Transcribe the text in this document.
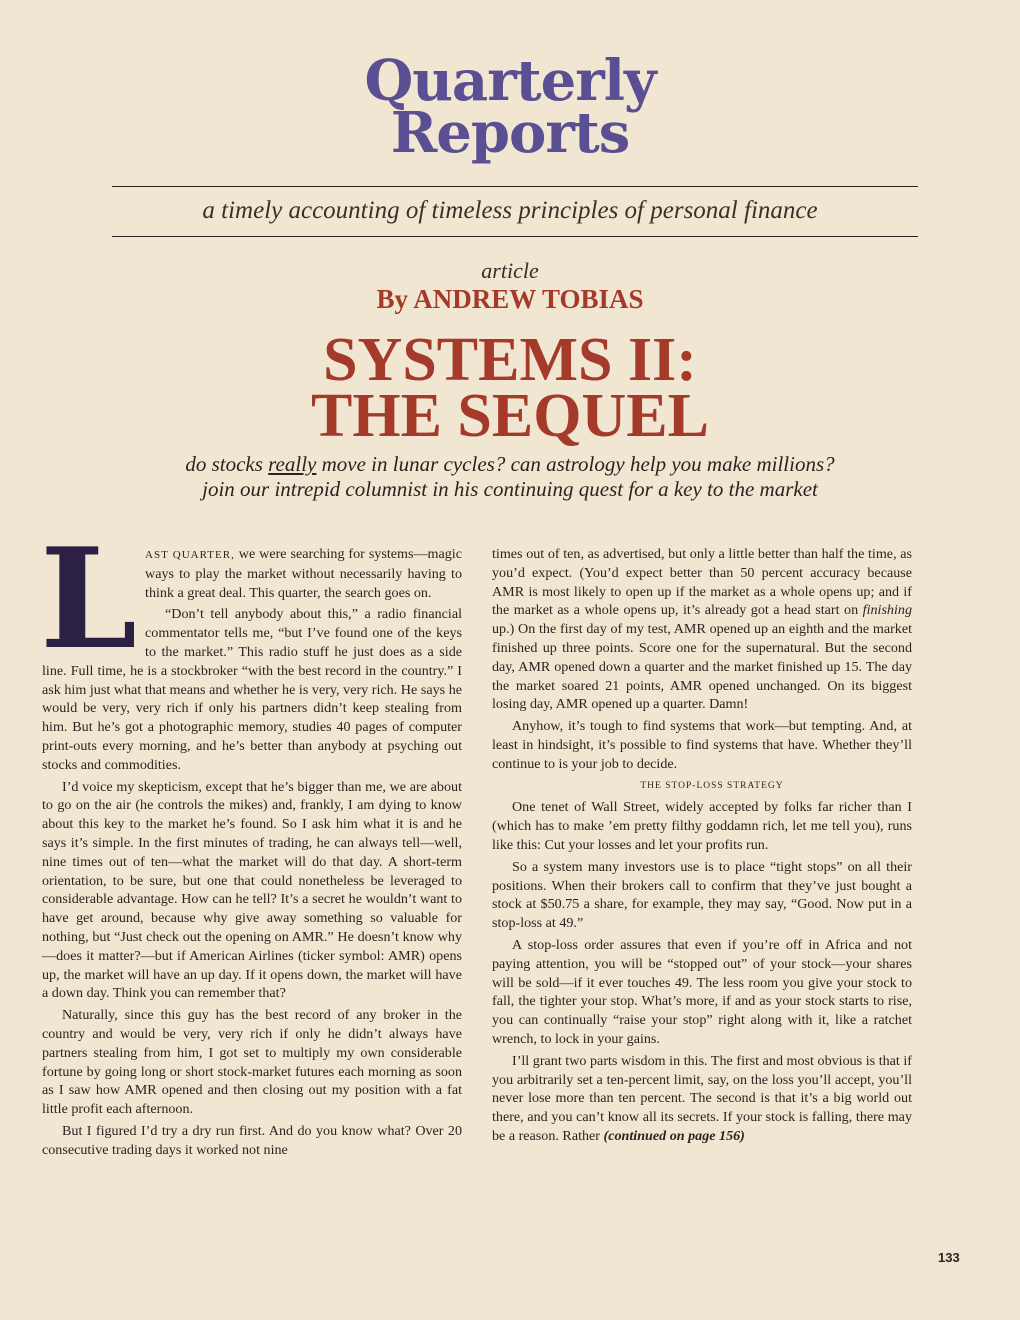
Quarterly
Reports
a timely accounting of timeless principles of personal finance
article
By ANDREW TOBIAS
SYSTEMS II:
THE SEQUEL
do stocks really move in lunar cycles? can astrology help you make millions?
join our intrepid columnist in his continuing quest for a key to the market

LAST QUARTER, we were searching for systems—magic ways to play the market without necessarily having to think a great deal. This quarter, the search goes on.

“Don’t tell anybody about this,” a radio financial commentator tells me, “but I’ve found one of the keys to the market.” This radio stuff he just does as a side line. Full time, he is a stockbroker “with the best record in the country.” I ask him just what that means and whether he is very, very rich. He says he would be very, very rich if only his partners didn’t keep stealing from him. But he’s got a photographic memory, studies 40 pages of computer print-outs every morning, and he’s better than anybody at psyching out stocks and commodities.

I’d voice my skepticism, except that he’s bigger than me, we are about to go on the air (he controls the mikes) and, frankly, I am dying to know about this key to the market he’s found. So I ask him what it is and he says it’s simple. In the first minutes of trading, he can always tell—well, nine times out of ten—what the market will do that day. A short-term orientation, to be sure, but one that could nonetheless be leveraged to considerable advantage. How can he tell? It’s a secret he wouldn’t want to have get around, because why give away something so valuable for nothing, but “Just check out the opening on AMR.” He doesn’t know why—does it matter?—but if American Airlines (ticker symbol: AMR) opens up, the market will have an up day. If it opens down, the market will have a down day. Think you can remember that?

Naturally, since this guy has the best record of any broker in the country and would be very, very rich if only he didn’t always have partners stealing from him, I got set to multiply my own considerable fortune by going long or short stock-market futures each morning as soon as I saw how AMR opened and then closing out my position with a fat little profit each afternoon.

But I figured I’d try a dry run first. And do you know what? Over 20 consecutive trading days it worked not nine

times out of ten, as advertised, but only a little better than half the time, as you’d expect. (You’d expect better than 50 percent accuracy because AMR is most likely to open up if the market as a whole opens up; and if the market as a whole opens up, it’s already got a head start on finishing up.) On the first day of my test, AMR opened up an eighth and the market finished up three points. Score one for the supernatural. But the second day, AMR opened down a quarter and the market finished up 15. The day the market soared 21 points, AMR opened unchanged. On its biggest losing day, AMR opened up a quarter. Damn!

Anyhow, it’s tough to find systems that work—but tempting. And, at least in hindsight, it’s possible to find systems that have. Whether they’ll continue to is your job to decide.

THE STOP-LOSS STRATEGY

One tenet of Wall Street, widely accepted by folks far richer than I (which has to make ’em pretty filthy goddamn rich, let me tell you), runs like this: Cut your losses and let your profits run.

So a system many investors use is to place “tight stops” on all their positions. When their brokers call to confirm that they’ve just bought a stock at $50.75 a share, for example, they may say, “Good. Now put in a stop-loss at 49.”

A stop-loss order assures that even if you’re off in Africa and not paying attention, you will be “stopped out” of your stock—your shares will be sold—if it ever touches 49. The less room you give your stock to fall, the tighter your stop. What’s more, if and as your stock starts to rise, you can continually “raise your stop” right along with it, like a ratchet wrench, to lock in your gains.

I’ll grant two parts wisdom in this. The first and most obvious is that if you arbitrarily set a ten-percent limit, say, on the loss you’ll accept, you’ll never lose more than ten percent. The second is that it’s a big world out there, and you can’t know all its secrets. If your stock is falling, there may be a reason. Rather (continued on page 156)

133
